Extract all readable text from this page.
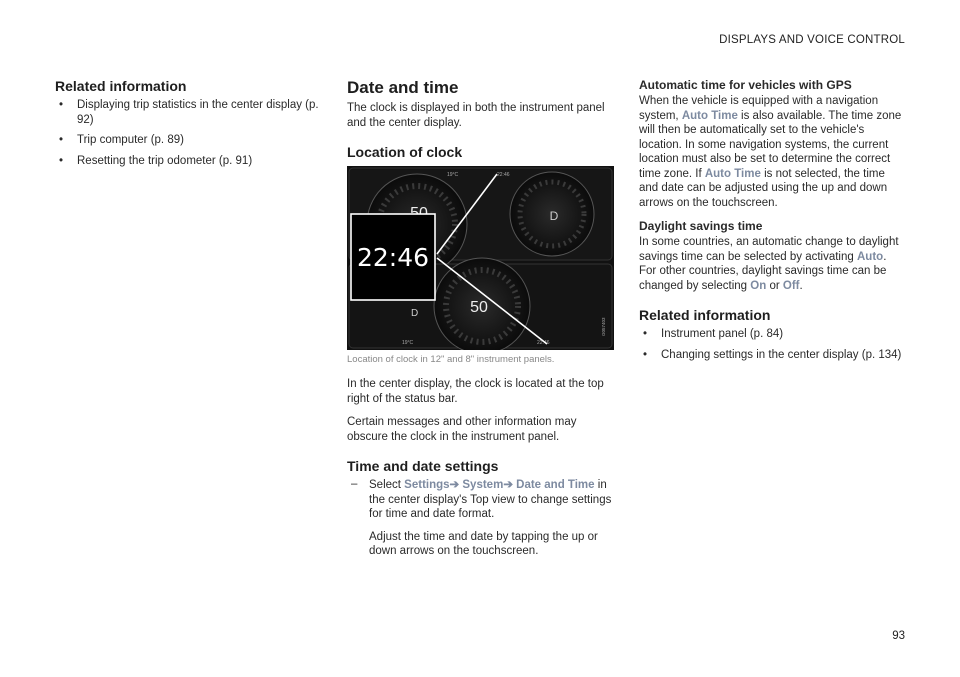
DISPLAYS AND VOICE CONTROL
Related information
• Displaying trip statistics in the center display (p. 92)
• Trip computer (p. 89)
• Resetting the trip odometer (p. 91)
Date and time

The clock is displayed in both the instrument panel and the center display.

Location of clock
D
19°C	22:46
50
D
22:46
19°C
22:46
G057403
Location of clock in 12" and 8" instrument panels.

In the center display, the clock is located at the top right of the status bar.

Certain messages and other information may obscure the clock in the instrument panel.

Time and date settings
– Select Settings➔ System➔ Date and Time in the center display's Top view to change settings for time and date format.

Adjust the time and date by tapping the up or down arrows on the touchscreen.

Automatic time for vehicles with GPS

When the vehicle is equipped with a navigation system, Auto Time is also available. The time zone will then be automatically set to the vehicle's location. In some navigation systems, the current location must also be set to determine the correct time zone. If Auto Time is not selected, the time and date can be adjusted using the up and down arrows on the touchscreen.

Daylight savings time

In some countries, an automatic change to daylight savings time can be selected by activating Auto. For other countries, daylight savings time can be changed by selecting On or Off.

Related information
• Instrument panel (p. 84)
• Changing settings in the center display (p. 134)
93
